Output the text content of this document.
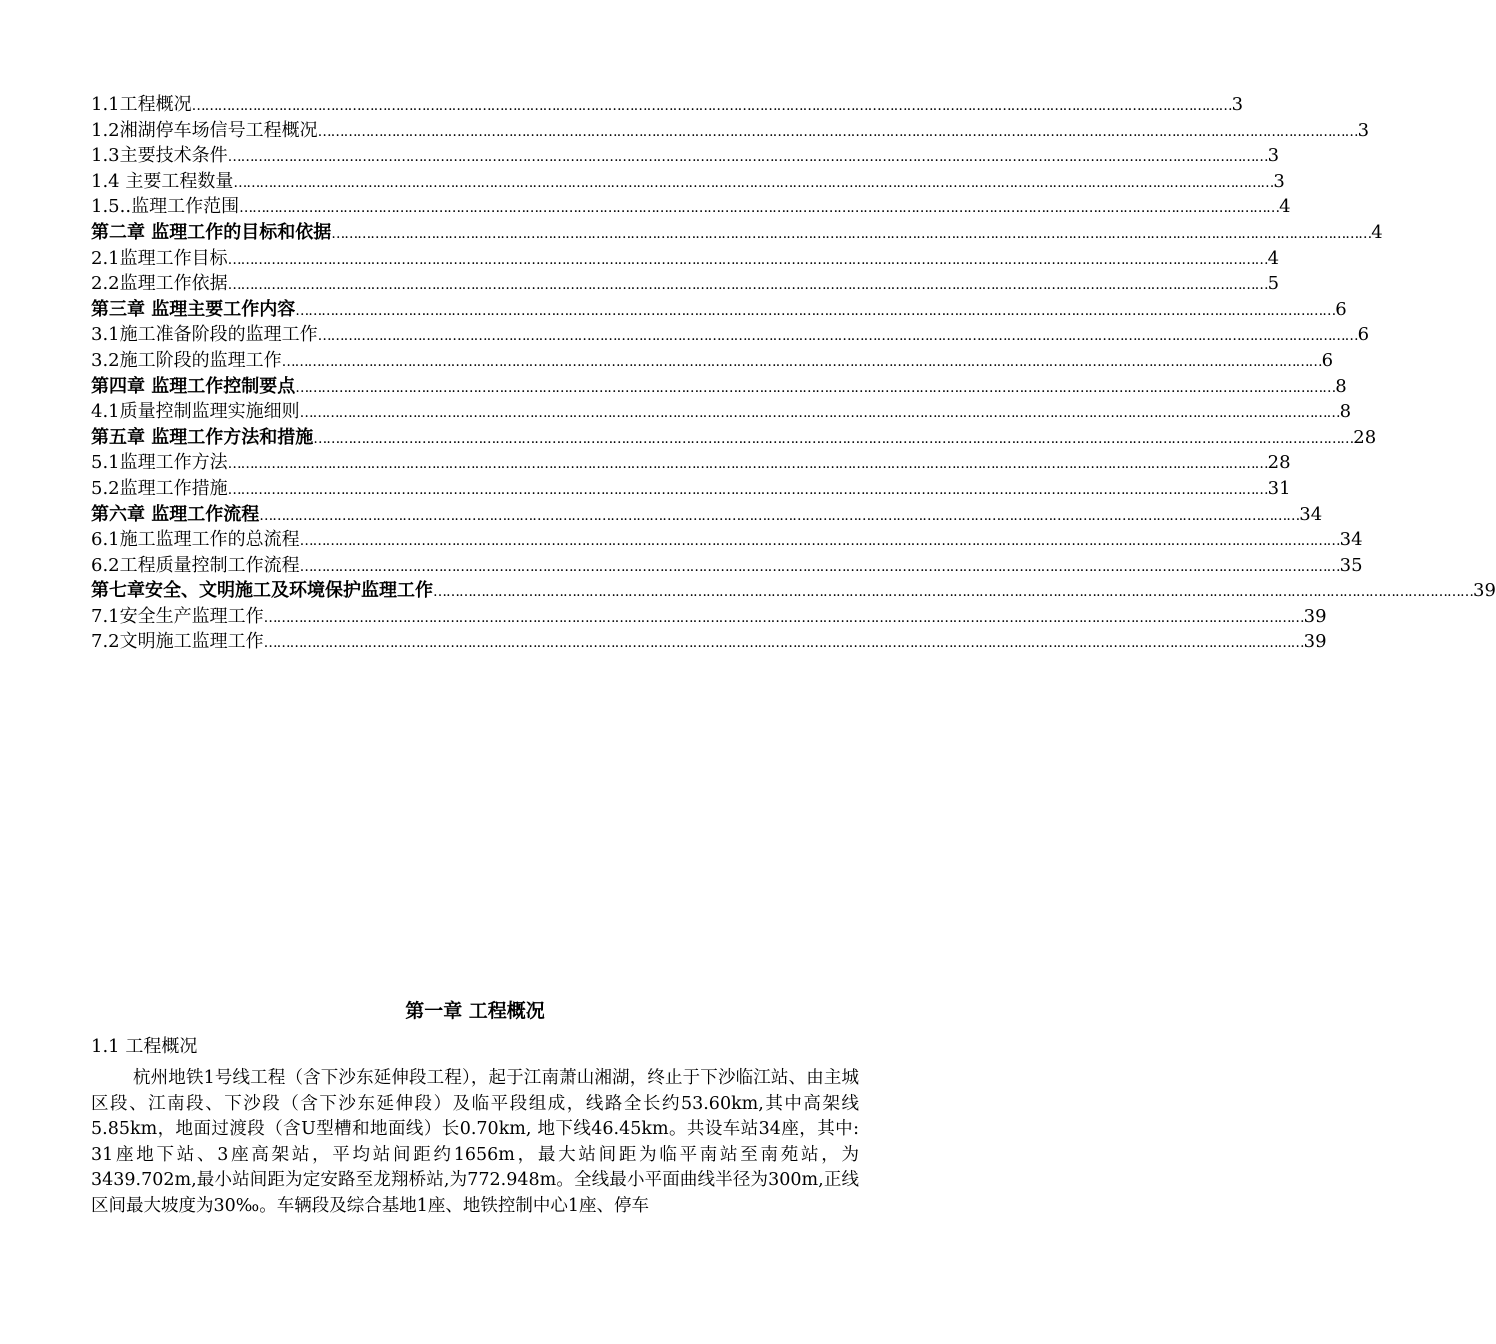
1.1工程概况 …………………………………………………………………………………………………………………………………………………………………………………………………………………… 3
1.2湘湖停车场信号工程概况 …………………………………………………………………………………………………………………………………………………………………………………………………………………… 3
1.3主要技术条件 …………………………………………………………………………………………………………………………………………………………………………………………………………………… 3
1.4 主要工程数量 …………………………………………………………………………………………………………………………………………………………………………………………………………………… 3
1.5..监理工作范围 …………………………………………………………………………………………………………………………………………………………………………………………………………………… 4
第二章 监理工作的目标和依据 …………………………………………………………………………………………………………………………………………………………………………………………………………………… 4
2.1监理工作目标 …………………………………………………………………………………………………………………………………………………………………………………………………………………… 4
2.2监理工作依据 …………………………………………………………………………………………………………………………………………………………………………………………………………………… 5
第三章 监理主要工作内容 …………………………………………………………………………………………………………………………………………………………………………………………………………………… 6
3.1施工准备阶段的监理工作 …………………………………………………………………………………………………………………………………………………………………………………………………………………… 6
3.2施工阶段的监理工作 …………………………………………………………………………………………………………………………………………………………………………………………………………………… 6
第四章 监理工作控制要点 …………………………………………………………………………………………………………………………………………………………………………………………………………………… 8
4.1质量控制监理实施细则 …………………………………………………………………………………………………………………………………………………………………………………………………………………… 8
第五章 监理工作方法和措施 …………………………………………………………………………………………………………………………………………………………………………………………………………………… 28
5.1监理工作方法 …………………………………………………………………………………………………………………………………………………………………………………………………………………… 28
5.2监理工作措施 …………………………………………………………………………………………………………………………………………………………………………………………………………………… 31
第六章 监理工作流程 …………………………………………………………………………………………………………………………………………………………………………………………………………………… 34
6.1施工监理工作的总流程 …………………………………………………………………………………………………………………………………………………………………………………………………………………… 34
6.2工程质量控制工作流程 …………………………………………………………………………………………………………………………………………………………………………………………………………………… 35
第七章安全、文明施工及环境保护监理工作 …………………………………………………………………………………………………………………………………………………………………………………………………………………… 39
7.1安全生产监理工作 …………………………………………………………………………………………………………………………………………………………………………………………………………………… 39
7.2文明施工监理工作 …………………………………………………………………………………………………………………………………………………………………………………………………………………… 39
第一章 工程概况
1.1 工程概况

杭州地铁1号线工程（含下沙东延伸段工程），起于江南萧山湘湖，终止于下沙临江站、由主城区段、江南段、下沙段（含下沙东延伸段）及临平段组成，线路全长约53.60km,其中高架线5.85km，地面过渡段（含U型槽和地面线）长0.70km, 地下线46.45km。共设车站34座，其中: 31座地下站、3座高架站，平均站间距约1656m，最大站间距为临平南站至南苑站，为3439.702m,最小站间距为定安路至龙翔桥站,为772.948m。全线最小平面曲线半径为300m,正线区间最大坡度为30‰。车辆段及综合基地1座、地铁控制中心1座、停车
